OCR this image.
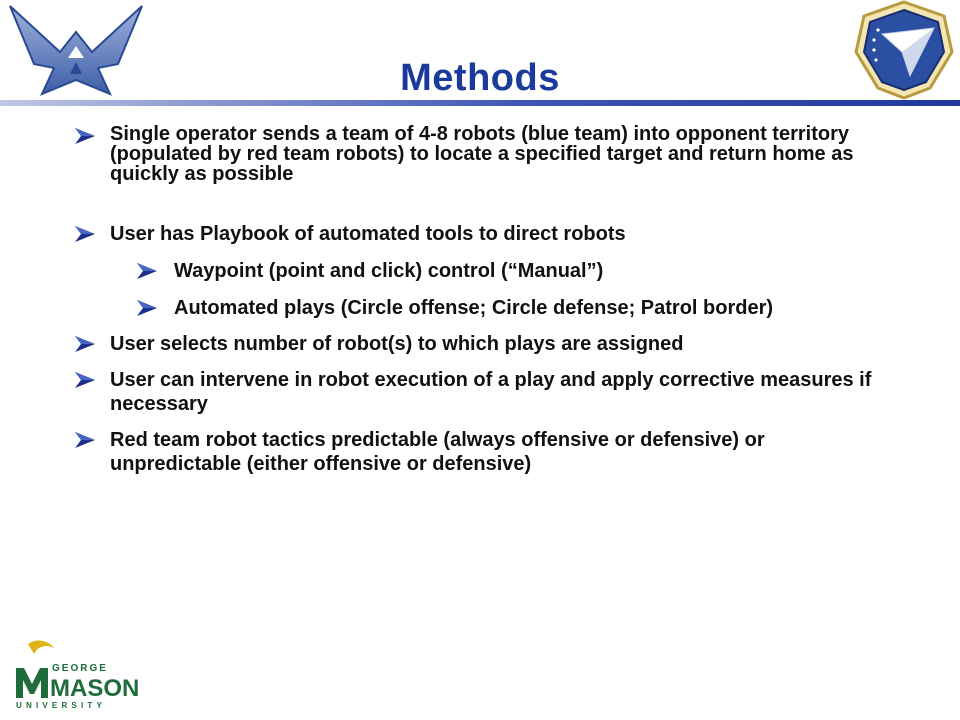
Methods
Single operator sends a team of 4-8 robots (blue team) into opponent territory (populated by red team robots) to locate a specified target and return home as quickly as possible
User has Playbook of automated tools to direct robots
Waypoint (point and click) control (“Manual”)
Automated plays (Circle offense; Circle defense; Patrol border)
User selects number of robot(s) to which plays are assigned
User can intervene in robot execution of a play and apply corrective measures if necessary
Red team robot tactics predictable (always offensive or defensive) or unpredictable (either offensive or defensive)
GEORGE
MASON
UNIVERSITY
